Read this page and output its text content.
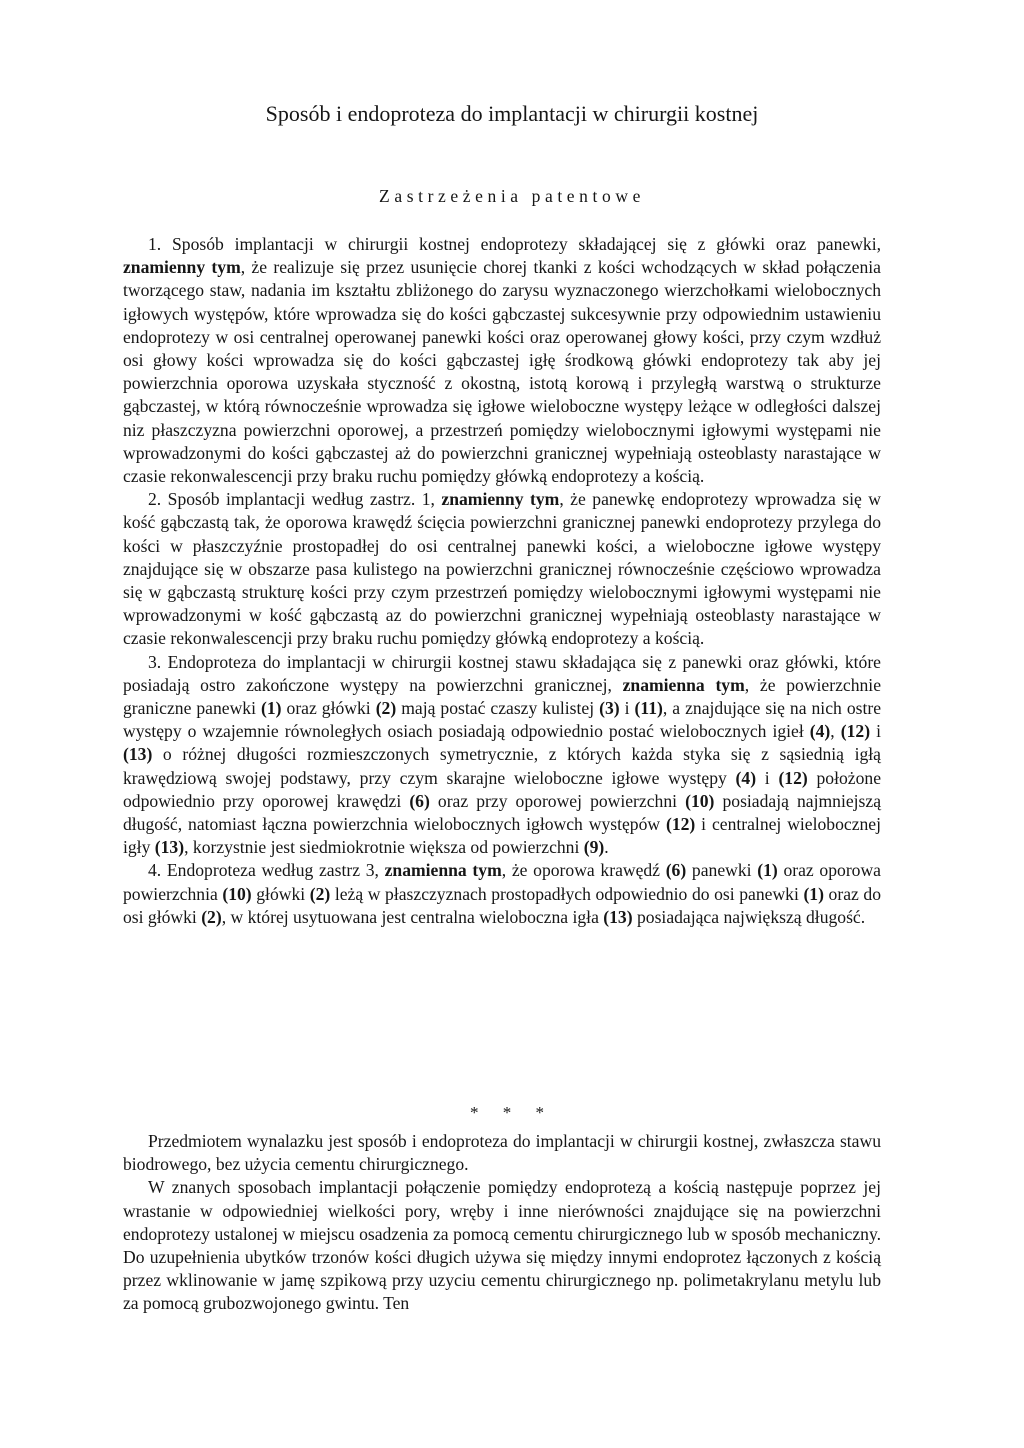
Sposób i endoproteza do implantacji w chirurgii kostnej
Zastrzeżenia patentowe

1. Sposób implantacji w chirurgii kostnej endoprotezy składającej się z główki oraz panewki, znamienny tym, że realizuje się przez usunięcie chorej tkanki z kości wchodzących w skład połączenia tworzącego staw, nadania im kształtu zbliżonego do zarysu wyznaczonego wierzchołkami wielobocznych igłowych występów, które wprowadza się do kości gąbczastej sukcesywnie przy odpowiednim ustawieniu endoprotezy w osi centralnej operowanej panewki kości oraz operowanej głowy kości, przy czym wzdłuż osi głowy kości wprowadza się do kości gąbczastej igłę środkową główki endoprotezy tak aby jej powierzchnia oporowa uzyskała styczność z okostną, istotą korową i przyległą warstwą o strukturze gąbczastej, w którą równocześnie wprowadza się igłowe wieloboczne występy leżące w odległości dalszej niz płaszczyzna powierzchni oporowej, a przestrzeń pomiędzy wielobocznymi igłowymi występami nie wprowadzonymi do kości gąbczastej aż do powierzchni granicznej wypełniają osteoblasty narastające w czasie rekonwalescencji przy braku ruchu pomiędzy główką endoprotezy a kością.

2. Sposób implantacji według zastrz. 1, znamienny tym, że panewkę endoprotezy wprowadza się w kość gąbczastą tak, że oporowa krawędź ścięcia powierzchni granicznej panewki endoprotezy przylega do kości w płaszczyźnie prostopadłej do osi centralnej panewki kości, a wieloboczne igłowe występy znajdujące się w obszarze pasa kulistego na powierzchni granicznej równocześnie częściowo wprowadza się w gąbczastą strukturę kości przy czym przestrzeń pomiędzy wielobocznymi igłowymi występami nie wprowadzonymi w kość gąbczastą az do powierzchni granicznej wypełniają osteoblasty narastające w czasie rekonwalescencji przy braku ruchu pomiędzy główką endoprotezy a kością.

3. Endoproteza do implantacji w chirurgii kostnej stawu składająca się z panewki oraz główki, które posiadają ostro zakończone występy na powierzchni granicznej, znamienna tym, że powierzchnie graniczne panewki (1) oraz główki (2) mają postać czaszy kulistej (3) i (11), a znajdujące się na nich ostre występy o wzajemnie równoległych osiach posiadają odpowiednio postać wielobocznych igieł (4), (12) i (13) o różnej długości rozmieszczonych symetrycznie, z których każda styka się z sąsiednią igłą krawędziową swojej podstawy, przy czym skarajne wieloboczne igłowe występy (4) i (12) położone odpowiednio przy oporowej krawędzi (6) oraz przy oporowej powierzchni (10) posiadają najmniejszą długość, natomiast łączna powierzchnia wielobocznych igłowch występów (12) i centralnej wielobocznej igły (13), korzystnie jest siedmiokrotnie większa od powierzchni (9).

4. Endoproteza według zastrz 3, znamienna tym, że oporowa krawędź (6) panewki (1) oraz oporowa powierzchnia (10) główki (2) leżą w płaszczyznach prostopadłych odpowiednio do osi panewki (1) oraz do osi główki (2), w której usytuowana jest centralna wieloboczna igła (13) posiadająca największą długość.

* * *

Przedmiotem wynalazku jest sposób i endoproteza do implantacji w chirurgii kostnej, zwłaszcza stawu biodrowego, bez użycia cementu chirurgicznego.

W znanych sposobach implantacji połączenie pomiędzy endoprotezą a kością następuje poprzez jej wrastanie w odpowiedniej wielkości pory, wręby i inne nierówności znajdujące się na powierzchni endoprotezy ustalonej w miejscu osadzenia za pomocą cementu chirurgicznego lub w sposób mechaniczny. Do uzupełnienia ubytków trzonów kości długich używa się między innymi endoprotez łączonych z kością przez wklinowanie w jamę szpikową przy uzyciu cementu chirurgicznego np. polimetakrylanu metylu lub za pomocą grubozwojonego gwintu. Ten
